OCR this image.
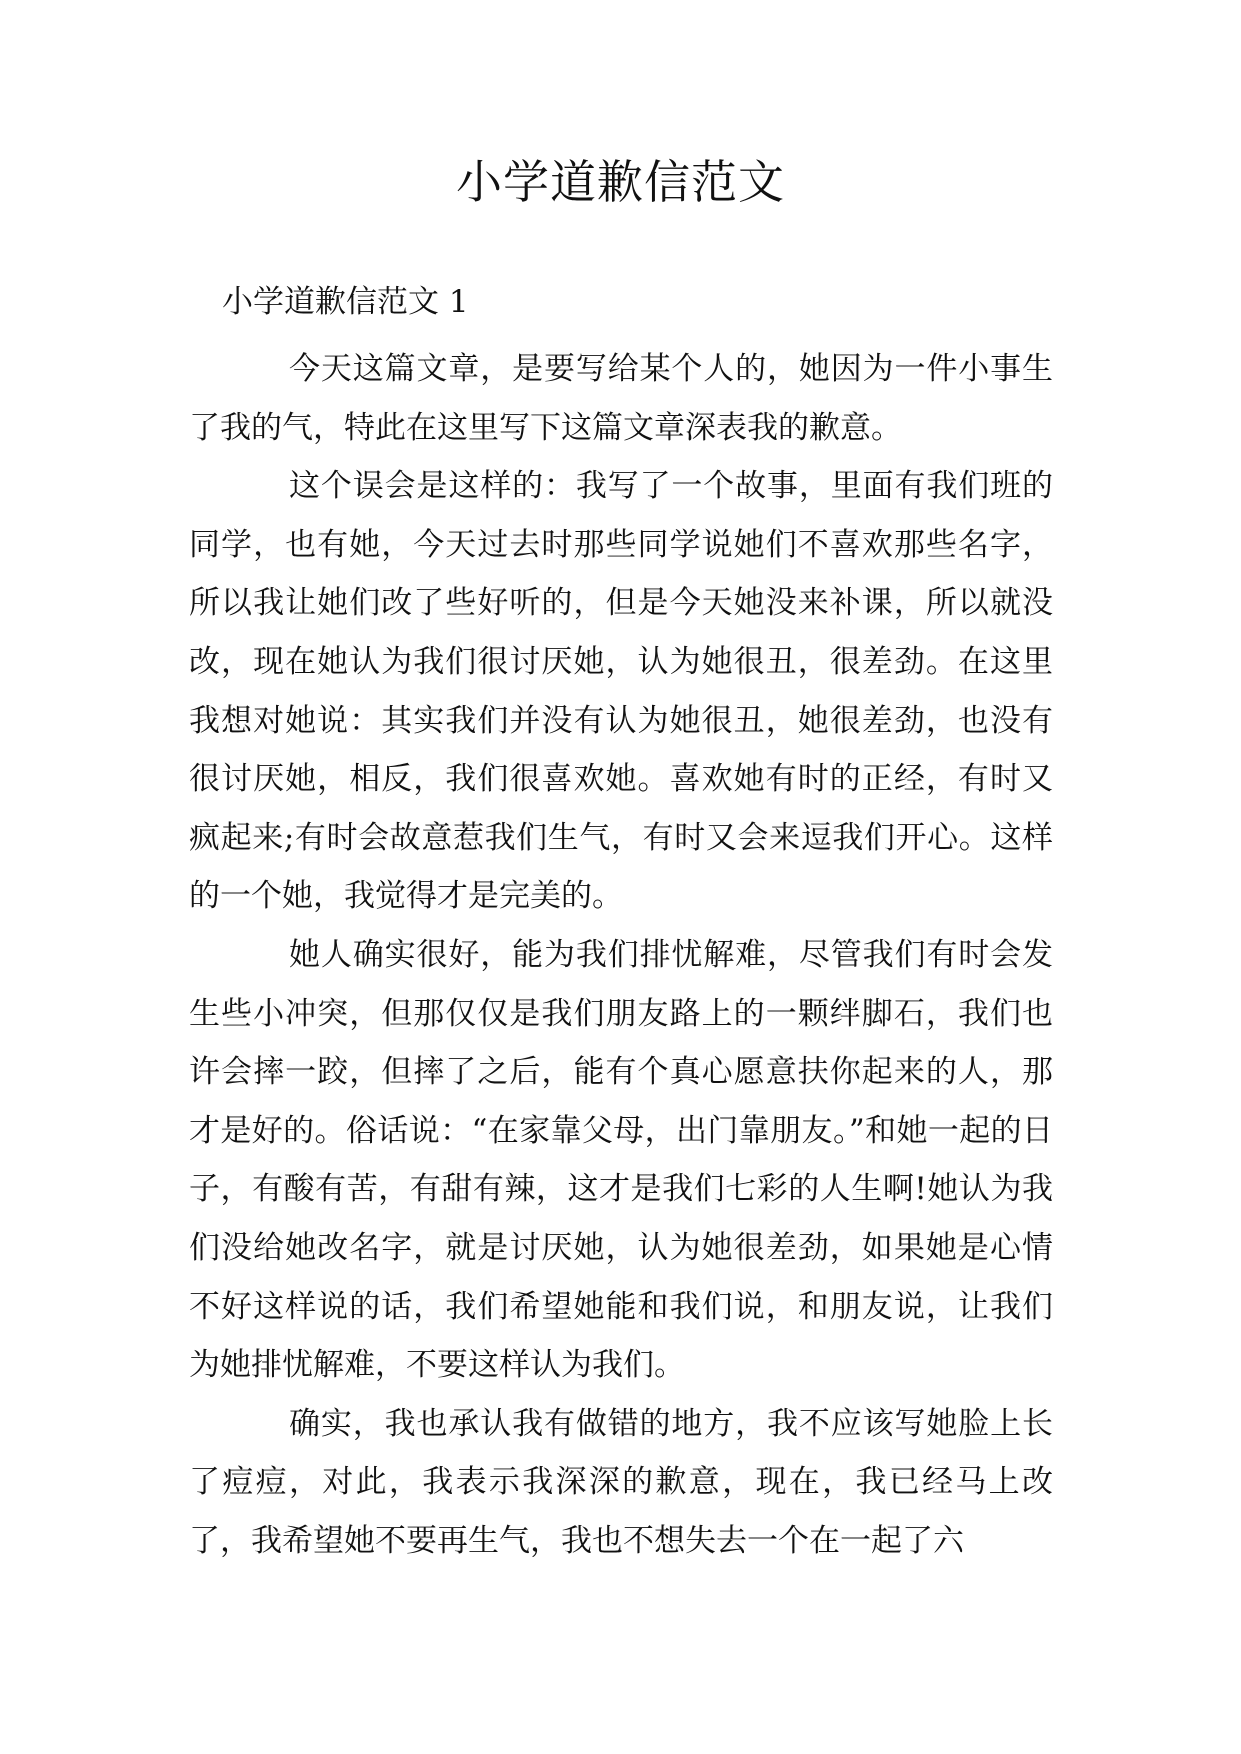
小学道歉信范文
小学道歉信范文 1

今天这篇文章，是要写给某个人的，她因为一件小事生了我的气，特此在这里写下这篇文章深表我的歉意。

这个误会是这样的：我写了一个故事，里面有我们班的同学，也有她，今天过去时那些同学说她们不喜欢那些名字，所以我让她们改了些好听的，但是今天她没来补课，所以就没改，现在她认为我们很讨厌她，认为她很丑，很差劲。在这里我想对她说：其实我们并没有认为她很丑，她很差劲，也没有很讨厌她，相反，我们很喜欢她。喜欢她有时的正经，有时又疯起来;有时会故意惹我们生气，有时又会来逗我们开心。这样的一个她，我觉得才是完美的。

她人确实很好，能为我们排忧解难，尽管我们有时会发生些小冲突，但那仅仅是我们朋友路上的一颗绊脚石，我们也许会摔一跤，但摔了之后，能有个真心愿意扶你起来的人，那才是好的。俗话说：“在家靠父母，出门靠朋友。”和她一起的日子，有酸有苦，有甜有辣，这才是我们七彩的人生啊!她认为我们没给她改名字，就是讨厌她，认为她很差劲，如果她是心情不好这样说的话，我们希望她能和我们说，和朋友说，让我们为她排忧解难，不要这样认为我们。

确实，我也承认我有做错的地方，我不应该写她脸上长了痘痘，对此，我表示我深深的歉意，现在，我已经马上改了，我希望她不要再生气，我也不想失去一个在一起了六
